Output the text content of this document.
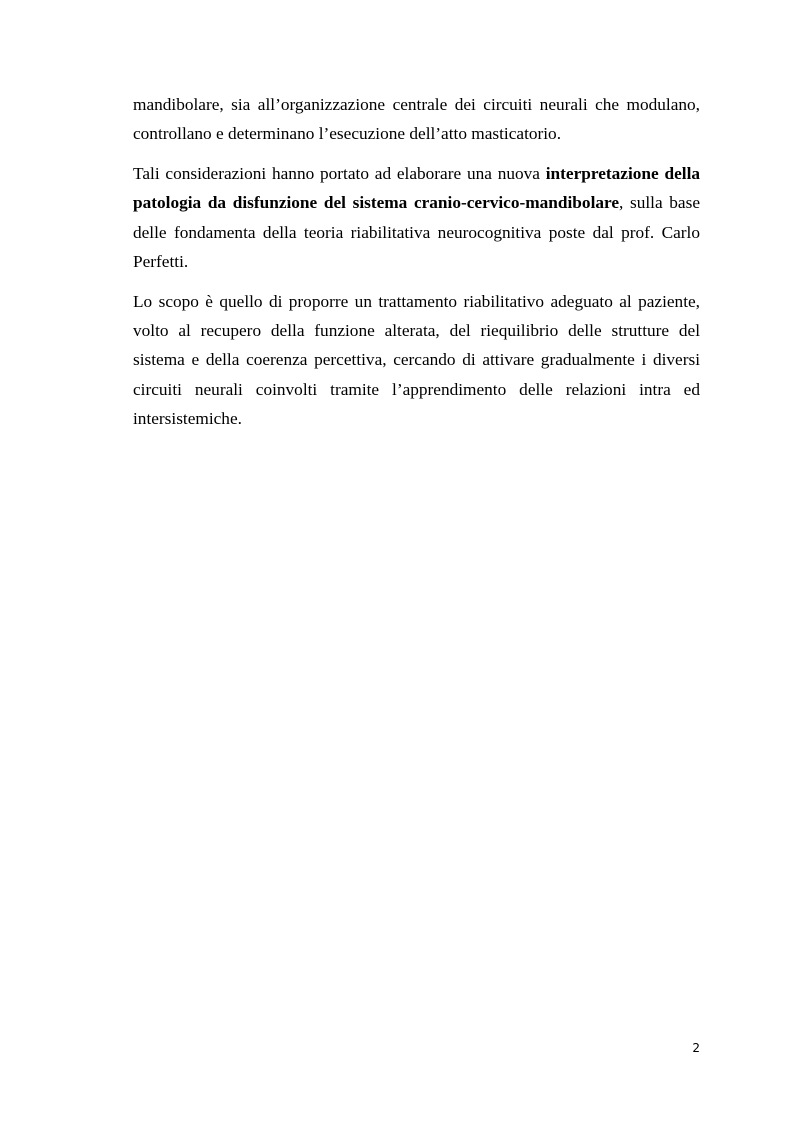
mandibolare, sia all’organizzazione centrale dei circuiti neurali che modulano, controllano e determinano l’esecuzione dell’atto masticatorio.

Tali considerazioni hanno portato ad elaborare una nuova interpretazione della patologia da disfunzione del sistema cranio-cervico-mandibolare, sulla base delle fondamenta della teoria riabilitativa neurocognitiva poste dal prof. Carlo Perfetti.

Lo scopo è quello di proporre un trattamento riabilitativo adeguato al paziente, volto al recupero della funzione alterata, del riequilibrio delle strutture del sistema e della coerenza percettiva, cercando di attivare gradualmente i diversi circuiti neurali coinvolti tramite l’apprendimento delle relazioni intra ed intersistemiche.

2
